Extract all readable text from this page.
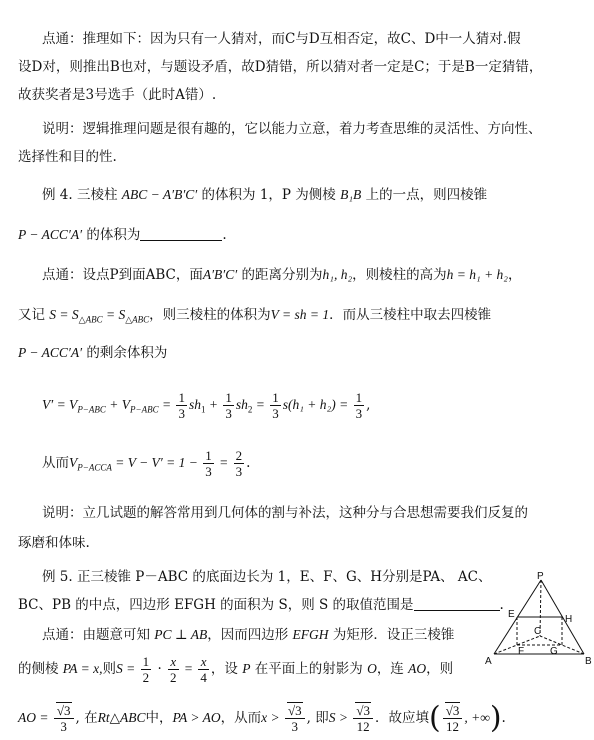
点通：推理如下：因为只有一人猜对，而C与D互相否定，故C、D中一人猜对.假
设D对，则推出B也对，与题设矛盾，故D猜错，所以猜对者一定是C；于是B一定猜错，
故获奖者是3号选手（此时A错）.
说明：逻辑推理问题是很有趣的，它以能力立意，着力考查思维的灵活性、方向性、
选择性和目的性.
例 4. 三棱柱 ABC − A′B′C′ 的体积为 1，P 为侧棱 B₁B 上的一点，则四棱锥
P − ACC′A′ 的体积为	.
点通：设点P到面ABC，面A′B′C′ 的距离分别为h₁, h₂，则棱柱的高为h = h₁ + h₂，
又记 $S = S_{\triangle ABC} = S_{\triangle ABC}$，则三棱柱的体积为V = sh = 1．而从三棱柱中取去四棱锥
P − ACC′A′ 的剩余体积为
$V' = V_{P-ABC} + V_{P-ABC} = \frac{1}{3} sh_1 + \frac{1}{3} sh_2 = \frac{1}{3} s(h_1 + h_2) = \frac{1}{3}$ ,
从而$V_{P-ACCA} = V - V' = 1 - \frac{1}{3} = \frac{2}{3}$ .
说明：立几试题的解答常用到几何体的割与补法，这种分与合思想需要我们反复的
琢磨和体味.
例 5. 正三棱锥 P－ABC 的底面边长为 1，E、F、G、H分别是PA、 AC、
BC、PB 的中点，四边形 EFGH 的面积为 S，则 S 的取值范围是	.
点通：由题意可知 PC ⊥ AB，因而四边形 EFGH 为矩形．设正三棱锥
的侧棱 PA = x,则$S = \frac{1}{2} \cdot \frac{x}{2} = \frac{x}{4}$ ，设 P 在平面上的射影为 O，连 AO，则
AO = $\frac{√3}{3}$ , 在Rt△ABC中，PA > AO，从而$x > \frac{√3}{3}$ , 即$S > \frac{√3}{12}$ ．故应填( $\frac{√3}{12}$ , +∞).
P
E	H
C
F	G
A	B
